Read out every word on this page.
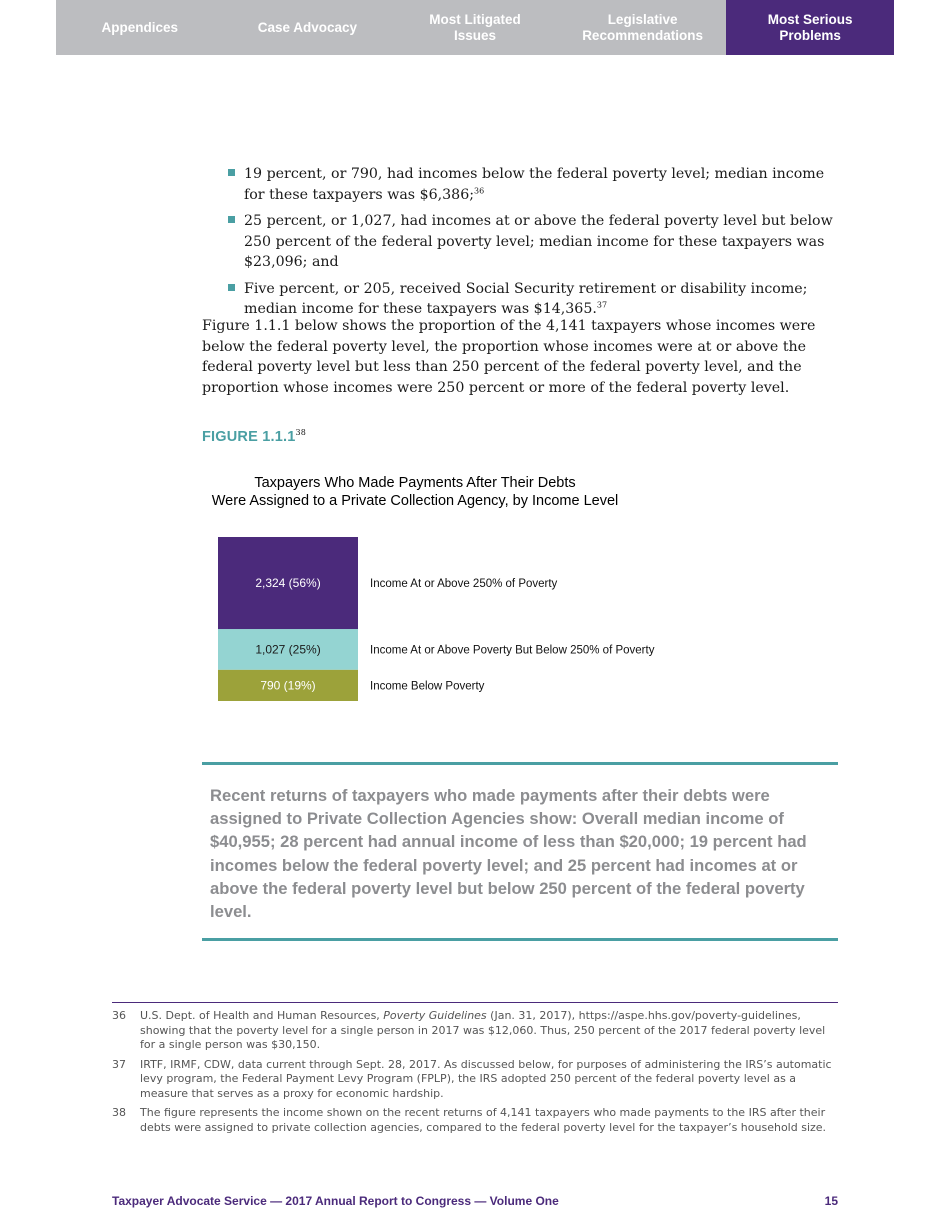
Appendices	Case Advocacy
Most Litigated
Issues
Legislative
Recommendations
Most Serious
Problems
19 percent, or 790, had incomes below the federal poverty level; median income for these taxpayers was $6,386;$^{36}$
25 percent, or 1,027, had incomes at or above the federal poverty level but below 250 percent of the federal poverty level; median income for these taxpayers was $23,096; and
Five percent, or 205, received Social Security retirement or disability income; median income for these taxpayers was $14,365.37

Figure 1.1.1 below shows the proportion of the 4,141 taxpayers whose incomes were below the federal poverty level, the proportion whose incomes were at or above the federal poverty level but less than 250 percent of the federal poverty level, and the proportion whose incomes were 250 percent or more of the federal poverty level.

FIGURE 1.1.1$^{38}$
Taxpayers Who Made Payments After Their Debts
Were Assigned to a Private Collection Agency, by Income Level
790 (19%)	Income Below Poverty
1,027 (25%)	Income At or Above Poverty But Below 250% of Poverty
2,324 (56%)	Income At or Above 250% of Poverty

Recent returns of taxpayers who made payments after their debts were assigned to Private Collection Agencies show: Overall median income of $40,955; 28 percent had annual income of less than $20,000; 19 percent had incomes below the federal poverty level; and 25 percent had incomes at or above the federal poverty level but below 250 percent of the federal poverty level.

36	U.S. Dept. of Health and Human Resources, Poverty Guidelines (Jan. 31, 2017), https://aspe.hhs.gov/poverty-guidelines, showing that the poverty level for a single person in 2017 was $12,060. Thus, 250 percent of the 2017 federal poverty level for a single person was $30,150.
37	IRTF, IRMF, CDW, data current through Sept. 28, 2017. As discussed below, for purposes of administering the IRS’s automatic levy program, the Federal Payment Levy Program (FPLP), the IRS adopted 250 percent of the federal poverty level as a measure that serves as a proxy for economic hardship.
38	The figure represents the income shown on the recent returns of 4,141 taxpayers who made payments to the IRS after their debts were assigned to private collection agencies, compared to the federal poverty level for the taxpayer’s household size.
Taxpayer Advocate Service — 2017 Annual Report to Congress — Volume One	15
